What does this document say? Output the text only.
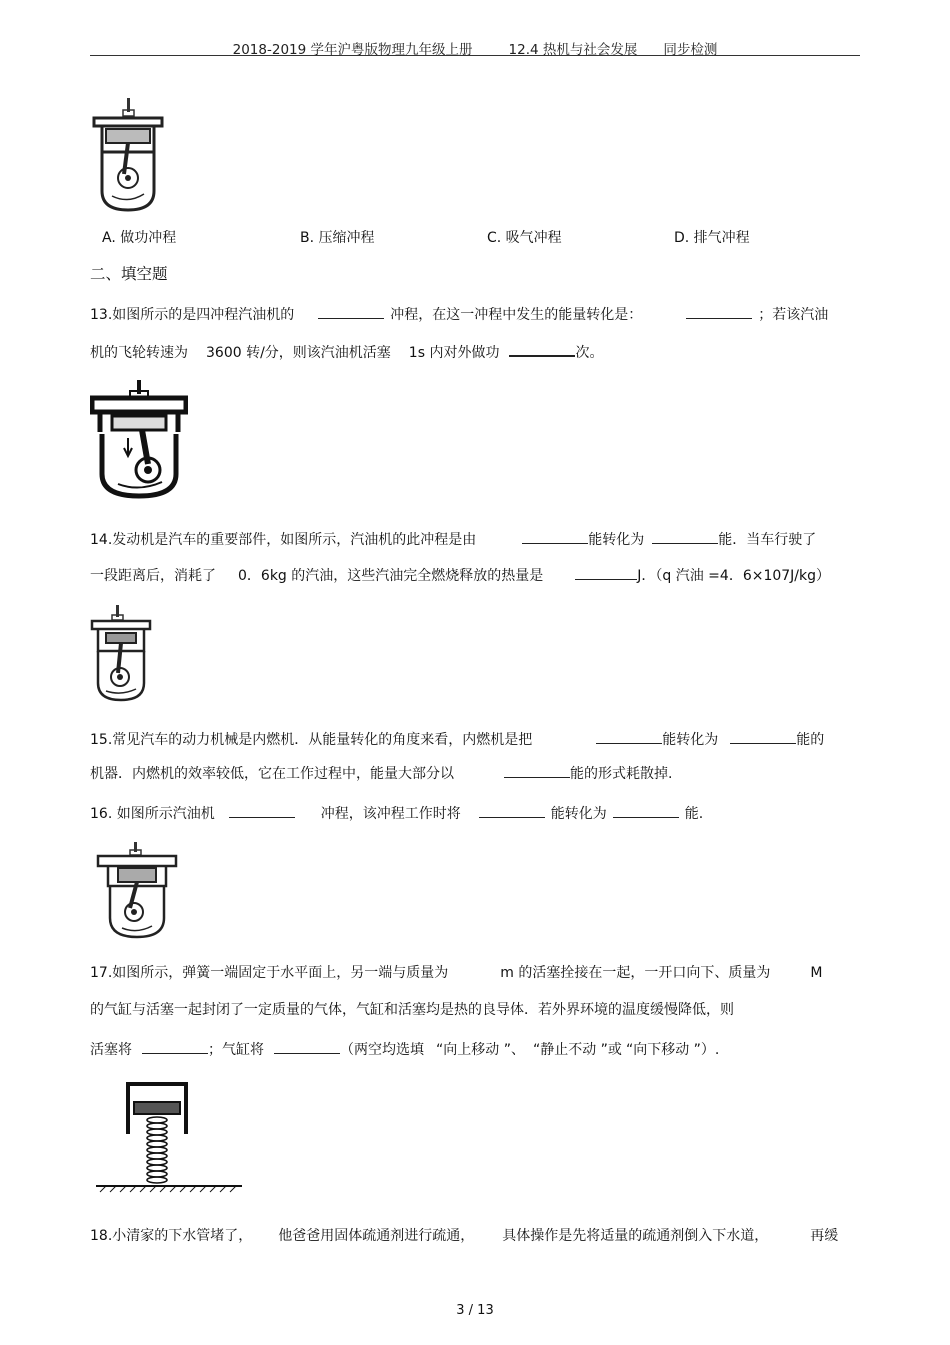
2018-2019 学年沪粤版物理九年级上册	12.4 热机与社会发展 同步检测
A. 做功冲程	B. 压缩冲程	C. 吸气冲程	D. 排气冲程
二、填空题
13.如图所示的是四冲程汽油机的	冲程，在这一冲程中发生的能量转化是：	；若该汽油
机的飞轮转速为 3600 转/分，则该汽油机活塞 1s 内对外做功	次。
14.发动机是汽车的重要部件，如图所示，汽油机的此冲程是由	能转化为	能．当车行驶了
一段距离后，消耗了 0．6kg 的汽油，这些汽油完全燃烧释放的热量是	J．（q 汽油 =4．6×107J/kg）
15.常见汽车的动力机械是内燃机．从能量转化的角度来看，内燃机是把	能转化为	能的
机器．内燃机的效率较低，它在工作过程中，能量大部分以	能的形式耗散掉.
16. 如图所示汽油机	冲程，该冲程工作时将	能转化为	能.
17.如图所示，弹簧一端固定于水平面上，另一端与质量为	m 的活塞拴接在一起，一开口向下、质量为	M
的气缸与活塞一起封闭了一定质量的气体，气缸和活塞均是热的良导体．若外界环境的温度缓慢降低，则
活塞将	；气缸将	（两空均选填 “向上移动 ”、 “静止不动 ”或 “向下移动 ”）.
18.小清家的下水管堵了， 他爸爸用固体疏通剂进行疏通， 具体操作是先将适量的疏通剂倒入下水道，	再缓
3 / 13
